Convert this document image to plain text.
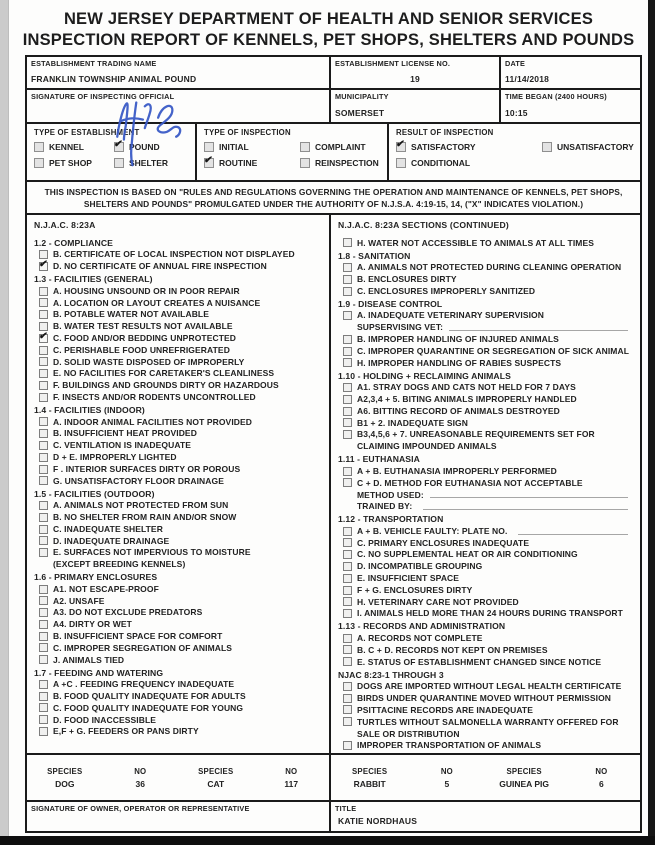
NEW JERSEY DEPARTMENT OF HEALTH AND SENIOR SERVICES
INSPECTION REPORT OF KENNELS, PET SHOPS, SHELTERS AND POUNDS
ESTABLISHMENT TRADING NAME
FRANKLIN TOWNSHIP ANIMAL POUND
ESTABLISHMENT LICENSE NO.
19
DATE
11/14/2018
SIGNATURE OF INSPECTING OFFICIAL	MUNICIPALITY
SOMERSET
TIME BEGAN (2400 HOURS)
10:15
TYPE OF ESTABLISHMENT
KENNEL	✔ POUND
PET SHOP	SHELTER
TYPE OF INSPECTION
INITIAL	COMPLAINT
✔ ROUTINE	REINSPECTION
RESULT OF INSPECTION
✔ SATISFACTORY	UNSATISFACTORY
CONDITIONAL
THIS INSPECTION IS BASED ON "RULES AND REGULATIONS GOVERNING THE OPERATION AND MAINTENANCE OF KENNELS, PET SHOPS, SHELTERS AND POUNDS" PROMULGATED UNDER THE AUTHORITY OF N.J.S.A. 4:19-15, 14, ("X" INDICATES VIOLATION.)
N.J.A.C. 8:23A
1.2 - COMPLIANCE
B. CERTIFICATE OF LOCAL INSPECTION NOT DISPLAYED
✔ D. NO CERTIFICATE OF ANNUAL FIRE INSPECTION
1.3 - FACILITIES (GENERAL)
A. HOUSING UNSOUND OR IN POOR REPAIR
A. LOCATION OR LAYOUT CREATES A NUISANCE
B. POTABLE WATER NOT AVAILABLE
B. WATER TEST RESULTS NOT AVAILABLE
✔ C. FOOD AND/OR BEDDING UNPROTECTED
C. PERISHABLE FOOD UNREFRIGERATED
D. SOLID WASTE DISPOSED OF IMPROPERLY
E. NO FACILITIES FOR CARETAKER'S CLEANLINESS
F. BUILDINGS AND GROUNDS DIRTY OR HAZARDOUS
F. INSECTS AND/OR RODENTS UNCONTROLLED
1.4 - FACILITIES (INDOOR)
A. INDOOR ANIMAL FACILITIES NOT PROVIDED
B. INSUFFICIENT HEAT PROVIDED
C. VENTILATION IS INADEQUATE
D + E. IMPROPERLY LIGHTED
F . INTERIOR SURFACES DIRTY OR POROUS
G. UNSATISFACTORY FLOOR DRAINAGE
1.5 - FACILITIES (OUTDOOR)
A. ANIMALS NOT PROTECTED FROM SUN
B. NO SHELTER FROM RAIN AND/OR SNOW
C. INADEQUATE SHELTER
D. INADEQUATE DRAINAGE
E. SURFACES NOT IMPERVIOUS TO MOISTURE
(EXCEPT BREEDING KENNELS)
1.6 - PRIMARY ENCLOSURES
A1. NOT ESCAPE-PROOF
A2. UNSAFE
A3. DO NOT EXCLUDE PREDATORS
A4. DIRTY OR WET
B. INSUFFICIENT SPACE FOR COMFORT
C. IMPROPER SEGREGATION OF ANIMALS
J. ANIMALS TIED
1.7 - FEEDING AND WATERING
A +C . FEEDING FREQUENCY INADEQUATE
B. FOOD QUALITY INADEQUATE FOR ADULTS
C. FOOD QUALITY INADEQUATE FOR YOUNG
D. FOOD INACCESSIBLE
E,F + G. FEEDERS OR PANS DIRTY
N.J.A.C. 8:23A SECTIONS (CONTINUED)
H. WATER NOT ACCESSIBLE TO ANIMALS AT ALL TIMES
1.8 - SANITATION
A. ANIMALS NOT PROTECTED DURING CLEANING OPERATION
B. ENCLOSURES DIRTY
C. ENCLOSURES IMPROPERLY SANITIZED
1.9 - DISEASE CONTROL
A. INADEQUATE VETERINARY SUPERVISION
SUPSERVISING VET:
B. IMPROPER HANDLING OF INJURED ANIMALS
C. IMPROPER QUARANTINE OR SEGREGATION OF SICK ANIMAL
H. IMPROPER HANDLING OF RABIES SUSPECTS
1.10 - HOLDING + RECLAIMING ANIMALS
A1. STRAY DOGS AND CATS NOT HELD FOR 7 DAYS
A2,3,4 + 5. BITING ANIMALS IMPROPERLY HANDLED
A6. BITTING RECORD OF ANIMALS DESTROYED
B1 + 2. INADEQUATE SIGN
B3,4,5,6 + 7. UNREASONABLE REQUIREMENTS SET FOR
CLAIMING IMPOUNDED ANIMALS
1.11 - EUTHANASIA
A + B. EUTHANASIA IMPROPERLY PERFORMED
C + D. METHOD FOR EUTHANASIA NOT ACCEPTABLE
METHOD USED:
TRAINED BY:
1.12 - TRANSPORTATION
A + B. VEHICLE FAULTY: PLATE NO.
C. PRIMARY ENCLOSURES INADEQUATE
C. NO SUPPLEMENTAL HEAT OR AIR CONDITIONING
D. INCOMPATIBLE GROUPING
E. INSUFFICIENT SPACE
F + G. ENCLOSURES DIRTY
H. VETERINARY CARE NOT PROVIDED
I. ANIMALS HELD MORE THAN 24 HOURS DURING TRANSPORT
1.13 - RECORDS AND ADMINISTRATION
A. RECORDS NOT COMPLETE
B. C + D. RECORDS NOT KEPT ON PREMISES
E. STATUS OF ESTABLISHMENT CHANGED SINCE NOTICE
NJAC 8:23-1 THROUGH 3
DOGS ARE IMPORTED WITHOUT LEGAL HEALTH CERTIFICATE
BIRDS UNDER QUARANTINE MOVED WITHOUT PERMISSION
PSITTACINE RECORDS ARE INADEQUATE
TURTLES WITHOUT SALMONELLA WARRANTY OFFERED FOR
SALE OR DISTRIBUTION
IMPROPER TRANSPORTATION OF ANIMALS
SPECIES	NO	SPECIES	NO
DOG	36	CAT	117
SPECIES	NO	SPECIES	NO
RABBIT	5	GUINEA PIG	6
SIGNATURE OF OWNER, OPERATOR OR REPRESENTATIVE	TITLE
KATIE NORDHAUS
